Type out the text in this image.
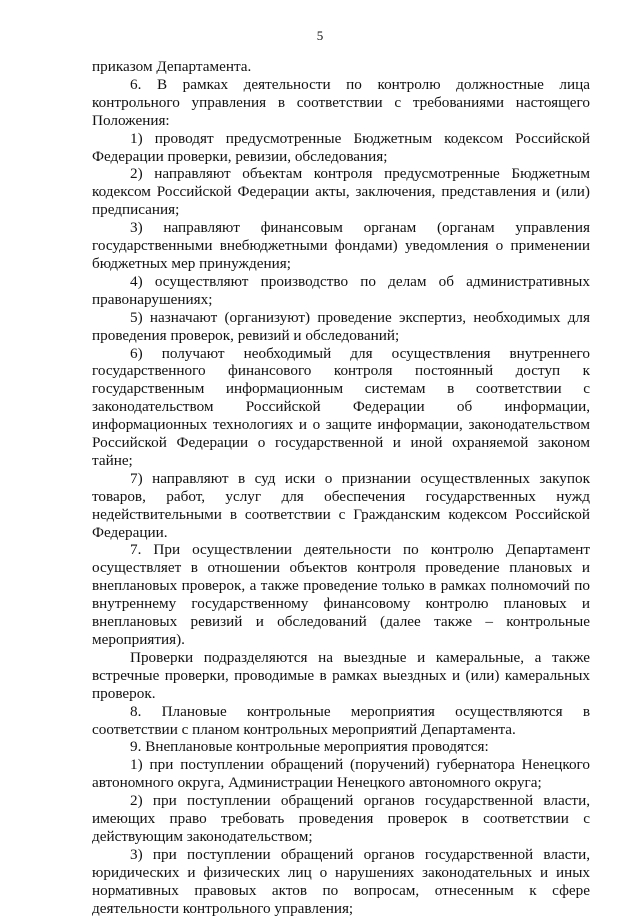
5

приказом Департамента.

6. В рамках деятельности по контролю должностные лица контрольного управления в соответствии с требованиями настоящего Положения:

1) проводят предусмотренные Бюджетным кодексом Российской Федерации проверки, ревизии, обследования;

2) направляют объектам контроля предусмотренные Бюджетным кодексом Российской Федерации акты, заключения, представления и (или) предписания;

3) направляют финансовым органам (органам управления государственными внебюджетными фондами) уведомления о применении бюджетных мер принуждения;

4) осуществляют производство по делам об административных правонарушениях;

5) назначают (организуют) проведение экспертиз, необходимых для проведения проверок, ревизий и обследований;

6) получают необходимый для осуществления внутреннего государственного финансового контроля постоянный доступ к государственным информационным системам в соответствии с законодательством Российской Федерации об информации, информационных технологиях и о защите информации, законодательством Российской Федерации о государственной и иной охраняемой законом тайне;

7) направляют в суд иски о признании осуществленных закупок товаров, работ, услуг для обеспечения государственных нужд недействительными в соответствии с Гражданским кодексом Российской Федерации.

7. При осуществлении деятельности по контролю Департамент осуществляет в отношении объектов контроля проведение плановых и внеплановых проверок, а также проведение только в рамках полномочий по внутреннему государственному финансовому контролю плановых и внеплановых ревизий и обследований (далее также – контрольные мероприятия).

Проверки подразделяются на выездные и камеральные, а также встречные проверки, проводимые в рамках выездных и (или) камеральных проверок.

8. Плановые контрольные мероприятия осуществляются в соответствии с планом контрольных мероприятий Департамента.

9. Внеплановые контрольные мероприятия проводятся:

1) при поступлении обращений (поручений) губернатора Ненецкого автономного округа, Администрации Ненецкого автономного округа;

2) при поступлении обращений органов государственной власти, имеющих право требовать проведения проверок в соответствии с действующим законодательством;

3) при поступлении обращений органов государственной власти, юридических и физических лиц о нарушениях законодательных и иных нормативных правовых актов по вопросам, отнесенным к сфере деятельности контрольного управления;
